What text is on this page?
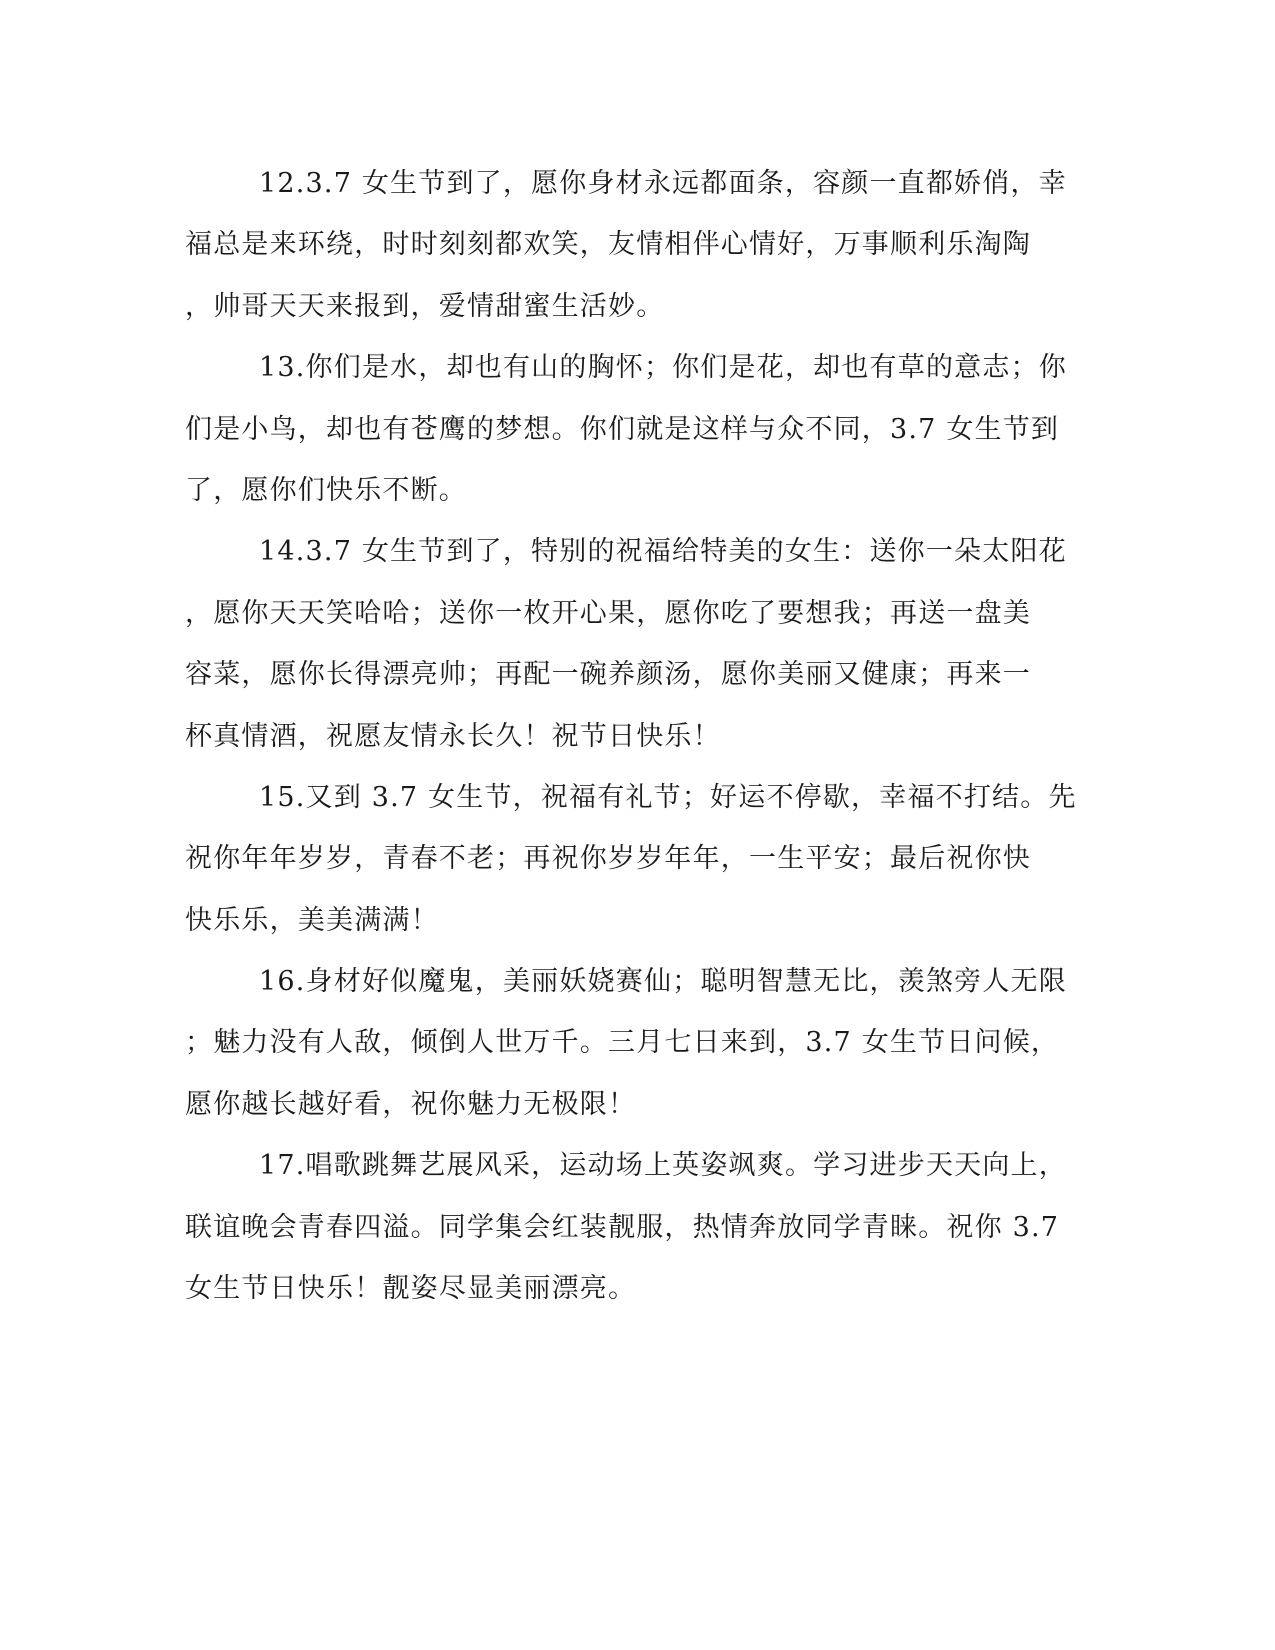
12.3.7 女生节到了，愿你身材永远都面条，容颜一直都娇俏，幸
福总是来环绕，时时刻刻都欢笑，友情相伴心情好，万事顺利乐淘陶
，帅哥天天来报到，爱情甜蜜生活妙。
13.你们是水，却也有山的胸怀；你们是花，却也有草的意志；你
们是小鸟，却也有苍鹰的梦想。你们就是这样与众不同，3.7 女生节到
了，愿你们快乐不断。
14.3.7 女生节到了，特别的祝福给特美的女生：送你一朵太阳花
，愿你天天笑哈哈；送你一枚开心果，愿你吃了要想我；再送一盘美
容菜，愿你长得漂亮帅；再配一碗养颜汤，愿你美丽又健康；再来一
杯真情酒，祝愿友情永长久！祝节日快乐！
15.又到 3.7 女生节，祝福有礼节；好运不停歇，幸福不打结。先
祝你年年岁岁，青春不老；再祝你岁岁年年，一生平安；最后祝你快
快乐乐，美美满满！
16.身材好似魔鬼，美丽妖娆赛仙；聪明智慧无比，羡煞旁人无限
；魅力没有人敌，倾倒人世万千。三月七日来到，3.7 女生节日问候，
愿你越长越好看，祝你魅力无极限！
17.唱歌跳舞艺展风采，运动场上英姿飒爽。学习进步天天向上，
联谊晚会青春四溢。同学集会红装靓服，热情奔放同学青睐。祝你 3.7
女生节日快乐！靓姿尽显美丽漂亮。
